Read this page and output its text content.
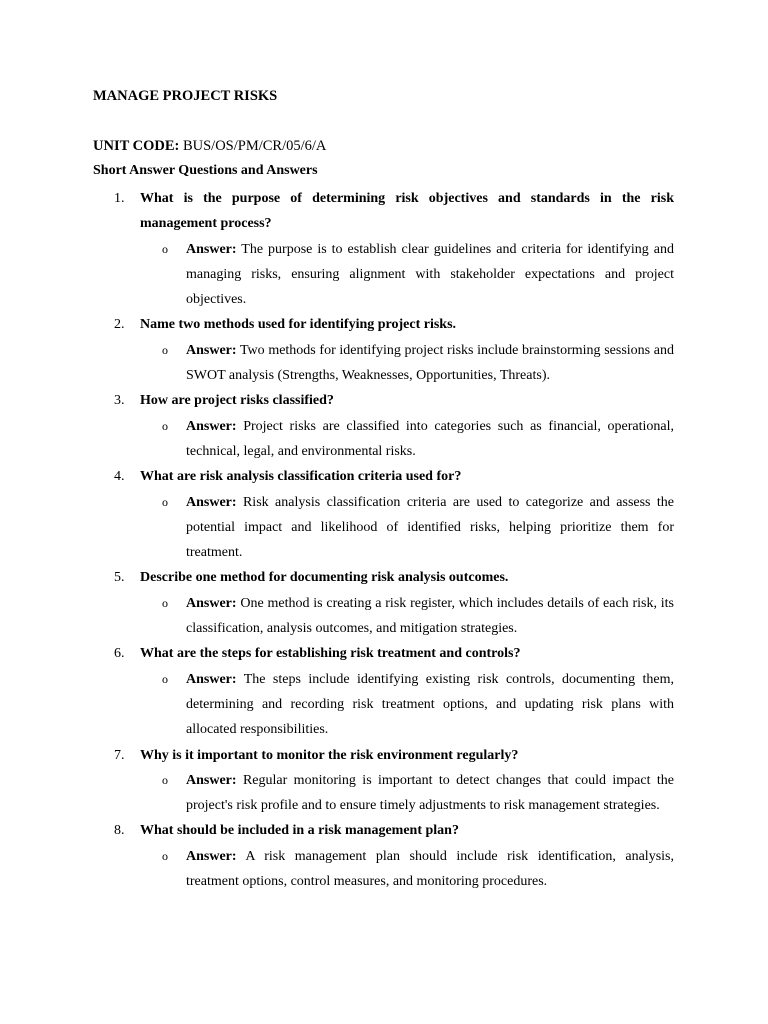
MANAGE PROJECT RISKS
UNIT CODE: BUS/OS/PM/CR/05/6/A
Short Answer Questions and Answers
1.	What is the purpose of determining risk objectives and standards in the risk management process?
o Answer: The purpose is to establish clear guidelines and criteria for identifying and managing risks, ensuring alignment with stakeholder expectations and project objectives.
2.	Name two methods used for identifying project risks.
o Answer: Two methods for identifying project risks include brainstorming sessions and SWOT analysis (Strengths, Weaknesses, Opportunities, Threats).
3.	How are project risks classified?
o Answer: Project risks are classified into categories such as financial, operational, technical, legal, and environmental risks.
4.	What are risk analysis classification criteria used for?
o Answer: Risk analysis classification criteria are used to categorize and assess the potential impact and likelihood of identified risks, helping prioritize them for treatment.
5.	Describe one method for documenting risk analysis outcomes.
o Answer: One method is creating a risk register, which includes details of each risk, its classification, analysis outcomes, and mitigation strategies.
6.	What are the steps for establishing risk treatment and controls?
o Answer: The steps include identifying existing risk controls, documenting them, determining and recording risk treatment options, and updating risk plans with allocated responsibilities.
7.	Why is it important to monitor the risk environment regularly?
o Answer: Regular monitoring is important to detect changes that could impact the project's risk profile and to ensure timely adjustments to risk management strategies.
8.	What should be included in a risk management plan?
o Answer: A risk management plan should include risk identification, analysis, treatment options, control measures, and monitoring procedures.
